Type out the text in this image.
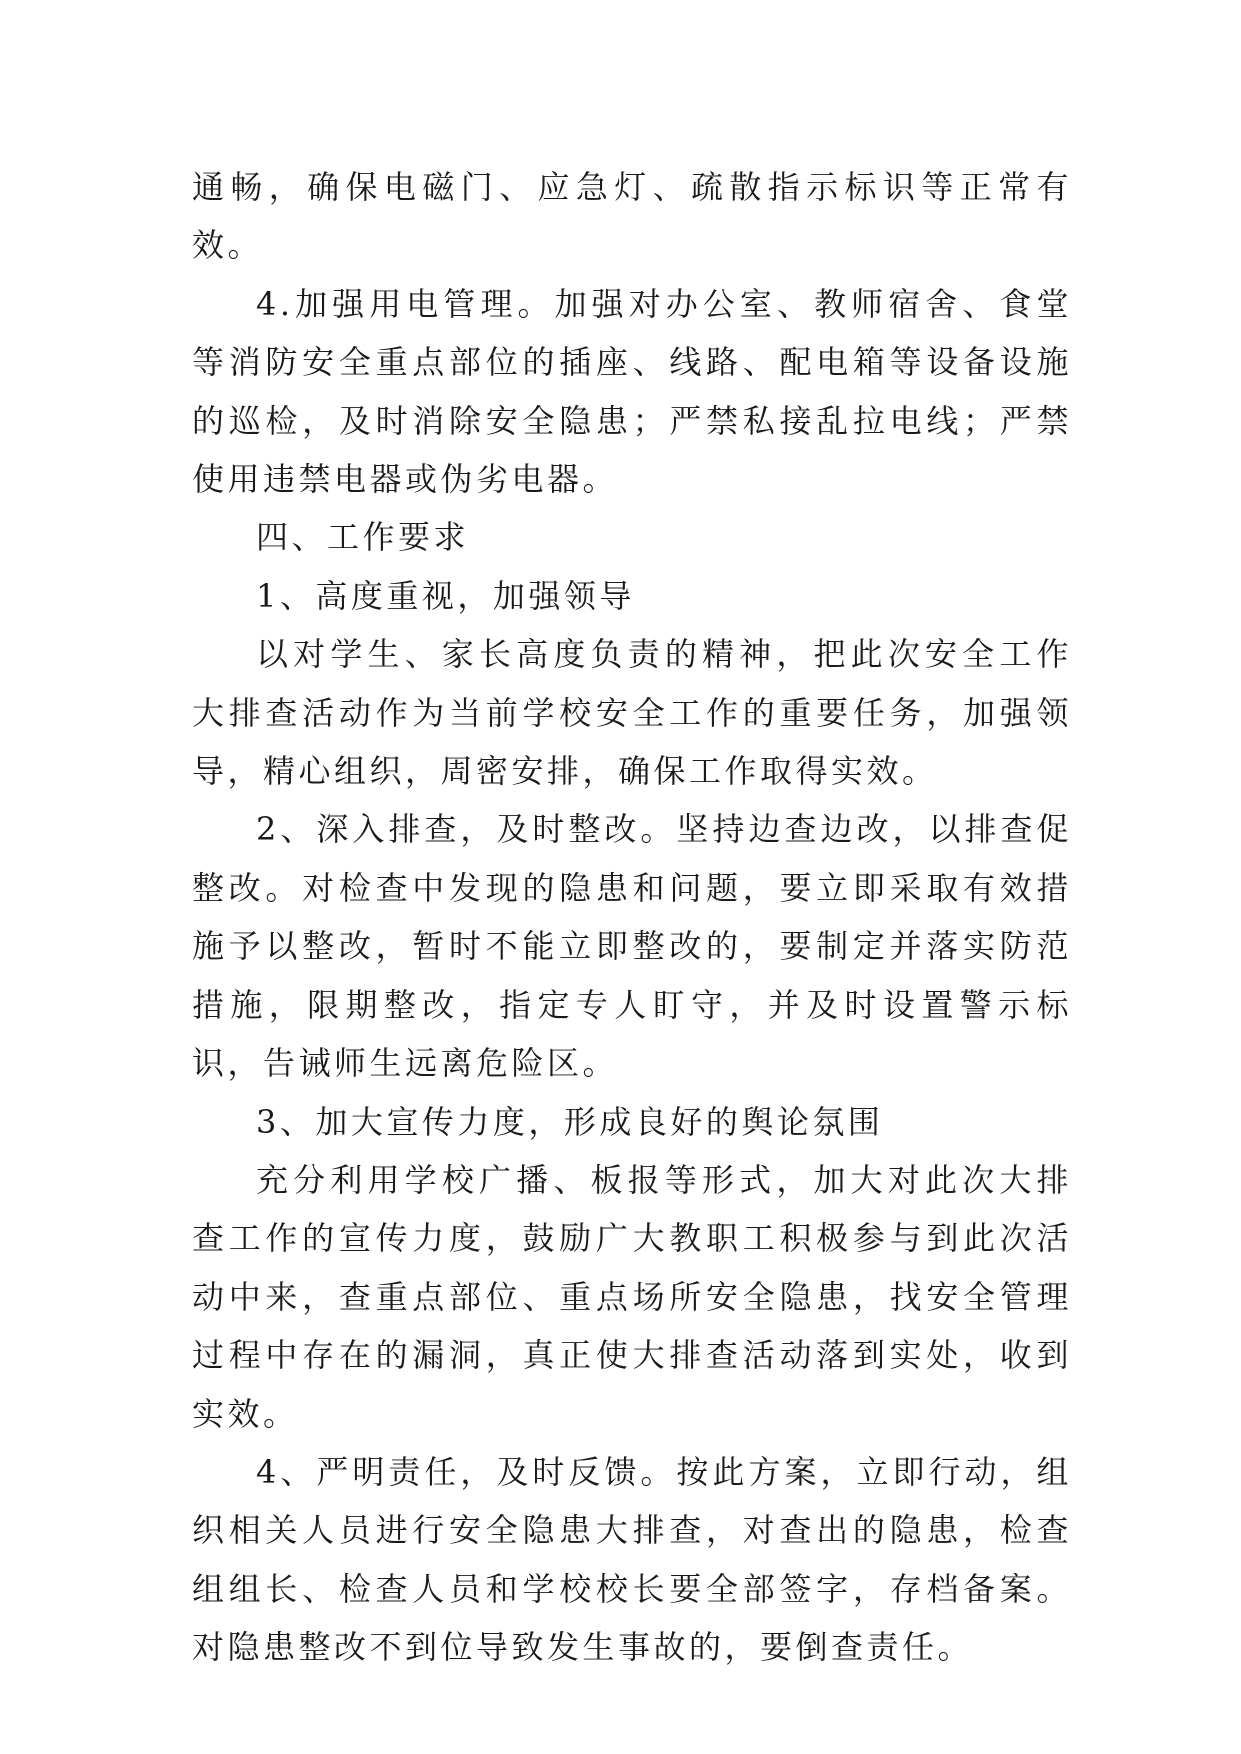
通畅，确保电磁门、应急灯、疏散指示标识等正常有效。

4.加强用电管理。加强对办公室、教师宿舍、食堂等消防安全重点部位的插座、线路、配电箱等设备设施的巡检，及时消除安全隐患；严禁私接乱拉电线；严禁使用违禁电器或伪劣电器。

四、工作要求

1、高度重视，加强领导

以对学生、家长高度负责的精神，把此次安全工作大排查活动作为当前学校安全工作的重要任务，加强领导，精心组织，周密安排，确保工作取得实效。

2、深入排查，及时整改。坚持边查边改，以排查促整改。对检查中发现的隐患和问题，要立即采取有效措施予以整改，暂时不能立即整改的，要制定并落实防范措施，限期整改，指定专人盯守，并及时设置警示标识，告诫师生远离危险区。

3、加大宣传力度，形成良好的舆论氛围

充分利用学校广播、板报等形式，加大对此次大排查工作的宣传力度，鼓励广大教职工积极参与到此次活动中来，查重点部位、重点场所安全隐患，找安全管理过程中存在的漏洞，真正使大排查活动落到实处，收到实效。

4、严明责任，及时反馈。按此方案，立即行动，组织相关人员进行安全隐患大排查，对查出的隐患，检查组组长、检查人员和学校校长要全部签字，存档备案。对隐患整改不到位导致发生事故的，要倒查责任。
